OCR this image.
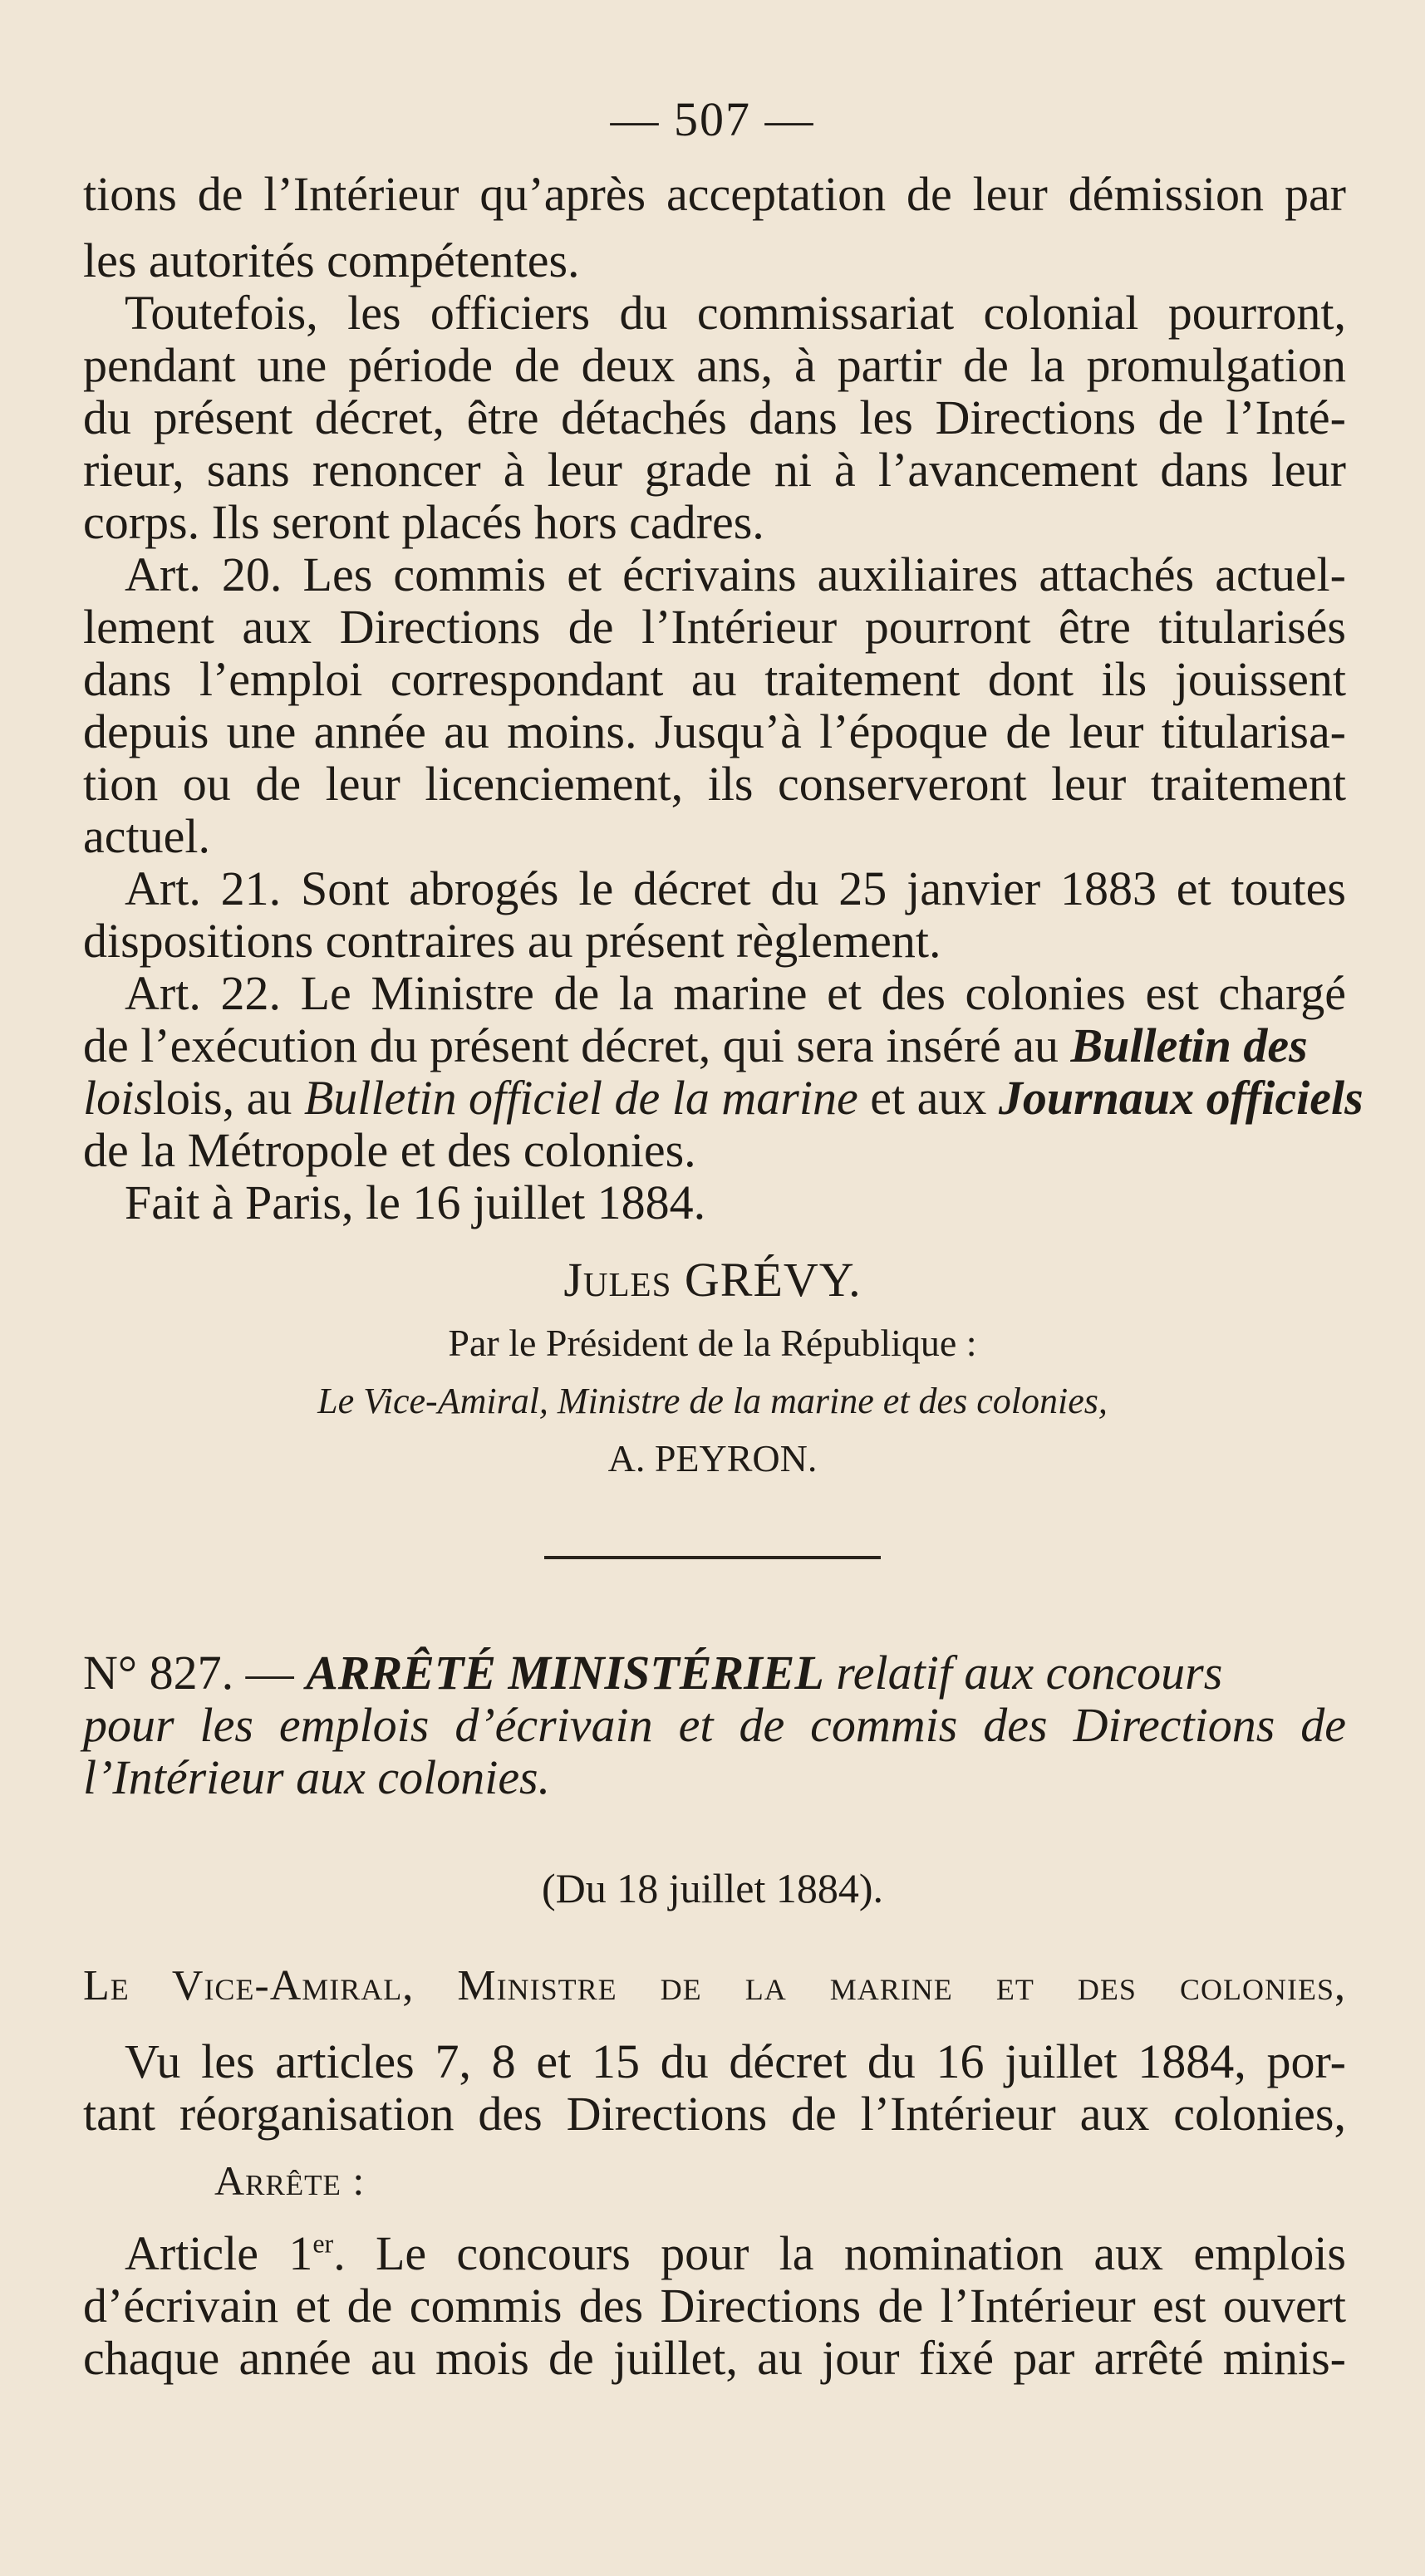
— 507 —
tions de l’Intérieur qu’après acceptation de leur démission par
les autorités compétentes.
Toutefois, les officiers du commissariat colonial pourront,
pendant une période de deux ans, à partir de la promulgation
du présent décret, être détachés dans les Directions de l’Inté-
rieur, sans renoncer à leur grade ni à l’avancement dans leur
corps. Ils seront placés hors cadres.
Art. 20. Les commis et écrivains auxiliaires attachés actuel-
lement aux Directions de l’Intérieur pourront être titularisés
dans l’emploi correspondant au traitement dont ils jouissent
depuis une année au moins. Jusqu’à l’époque de leur titularisa-
tion ou de leur licenciement, ils conserveront leur traitement
actuel.
Art. 21. Sont abrogés le décret du 25 janvier 1883 et toutes
dispositions contraires au présent règlement.
Art. 22. Le Ministre de la marine et des colonies est chargé
de l’exécution du présent décret, qui sera inséré au Bulletin des
loislois, au Bulletin officiel de la marine et aux Journaux officiels
de la Métropole et des colonies.
Fait à Paris, le 16 juillet 1884.
Jules GRÉVY.
Par le Président de la République :
Le Vice-Amiral, Ministre de la marine et des colonies,
A. PEYRON.
N° 827. — ARRÊTÉ MINISTÉRIEL relatif aux concours
pour les emplois d’écrivain et de commis des Directions de
l’Intérieur aux colonies.
(Du 18 juillet 1884).
Le Vice-Amiral, Ministre de la marine et des colonies,
Vu les articles 7, 8 et 15 du décret du 16 juillet 1884, por-
tant réorganisation des Directions de l’Intérieur aux colonies,
Arrête :
Article 1er. Le concours pour la nomination aux emplois
d’écrivain et de commis des Directions de l’Intérieur est ouvert
chaque année au mois de juillet, au jour fixé par arrêté minis-
